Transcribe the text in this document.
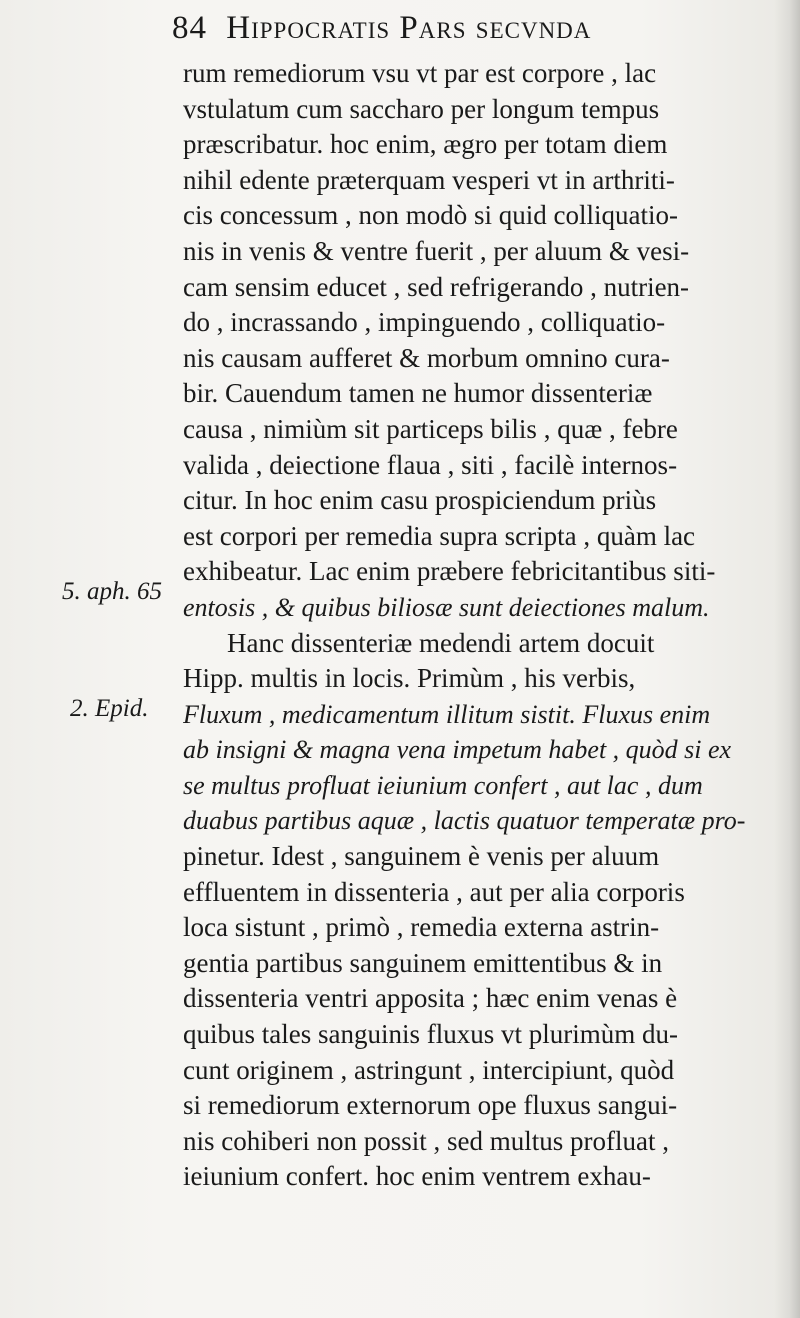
84 Hippocratis Pars secvnda
5. aph. 65
2. Epid.
rum remediorum vsu vt par est corpore , lac
vstulatum cum saccharo per longum tempus
præscribatur. hoc enim, ægro per totam diem
nihil edente præterquam vesperi vt in arthriti-
cis concessum , non modò si quid colliquatio-
nis in venis & ventre fuerit , per aluum & vesi-
cam sensim educet , sed refrigerando , nutrien-
do , incrassando , impinguendo , colliquatio-
nis causam aufferet & morbum omnino cura-
bir. Cauendum tamen ne humor dissenteriæ
causa , nimiùm sit particeps bilis , quæ , febre
valida , deiectione flaua , siti , facilè internos-
citur. In hoc enim casu prospiciendum priùs
est corpori per remedia supra scripta , quàm lac
exhibeatur. Lac enim præbere febricitantibus siti-
entosis , & quibus biliosæ sunt deiectiones malum.
Hanc dissenteriæ medendi artem docuit
Hipp. multis in locis. Primùm , his verbis,
Fluxum , medicamentum illitum sistit. Fluxus enim
ab insigni & magna vena impetum habet , quòd si ex
se multus profluat ieiunium confert , aut lac , dum
duabus partibus aquæ , lactis quatuor temperatæ pro-
pinetur. Idest , sanguinem è venis per aluum
effluentem in dissenteria , aut per alia corporis
loca sistunt , primò , remedia externa astrin-
gentia partibus sanguinem emittentibus & in
dissenteria ventri apposita ; hæc enim venas è
quibus tales sanguinis fluxus vt plurimùm du-
cunt originem , astringunt , intercipiunt, quòd
si remediorum externorum ope fluxus sangui-
nis cohiberi non possit , sed multus profluat ,
ieiunium confert. hoc enim ventrem exhau-
